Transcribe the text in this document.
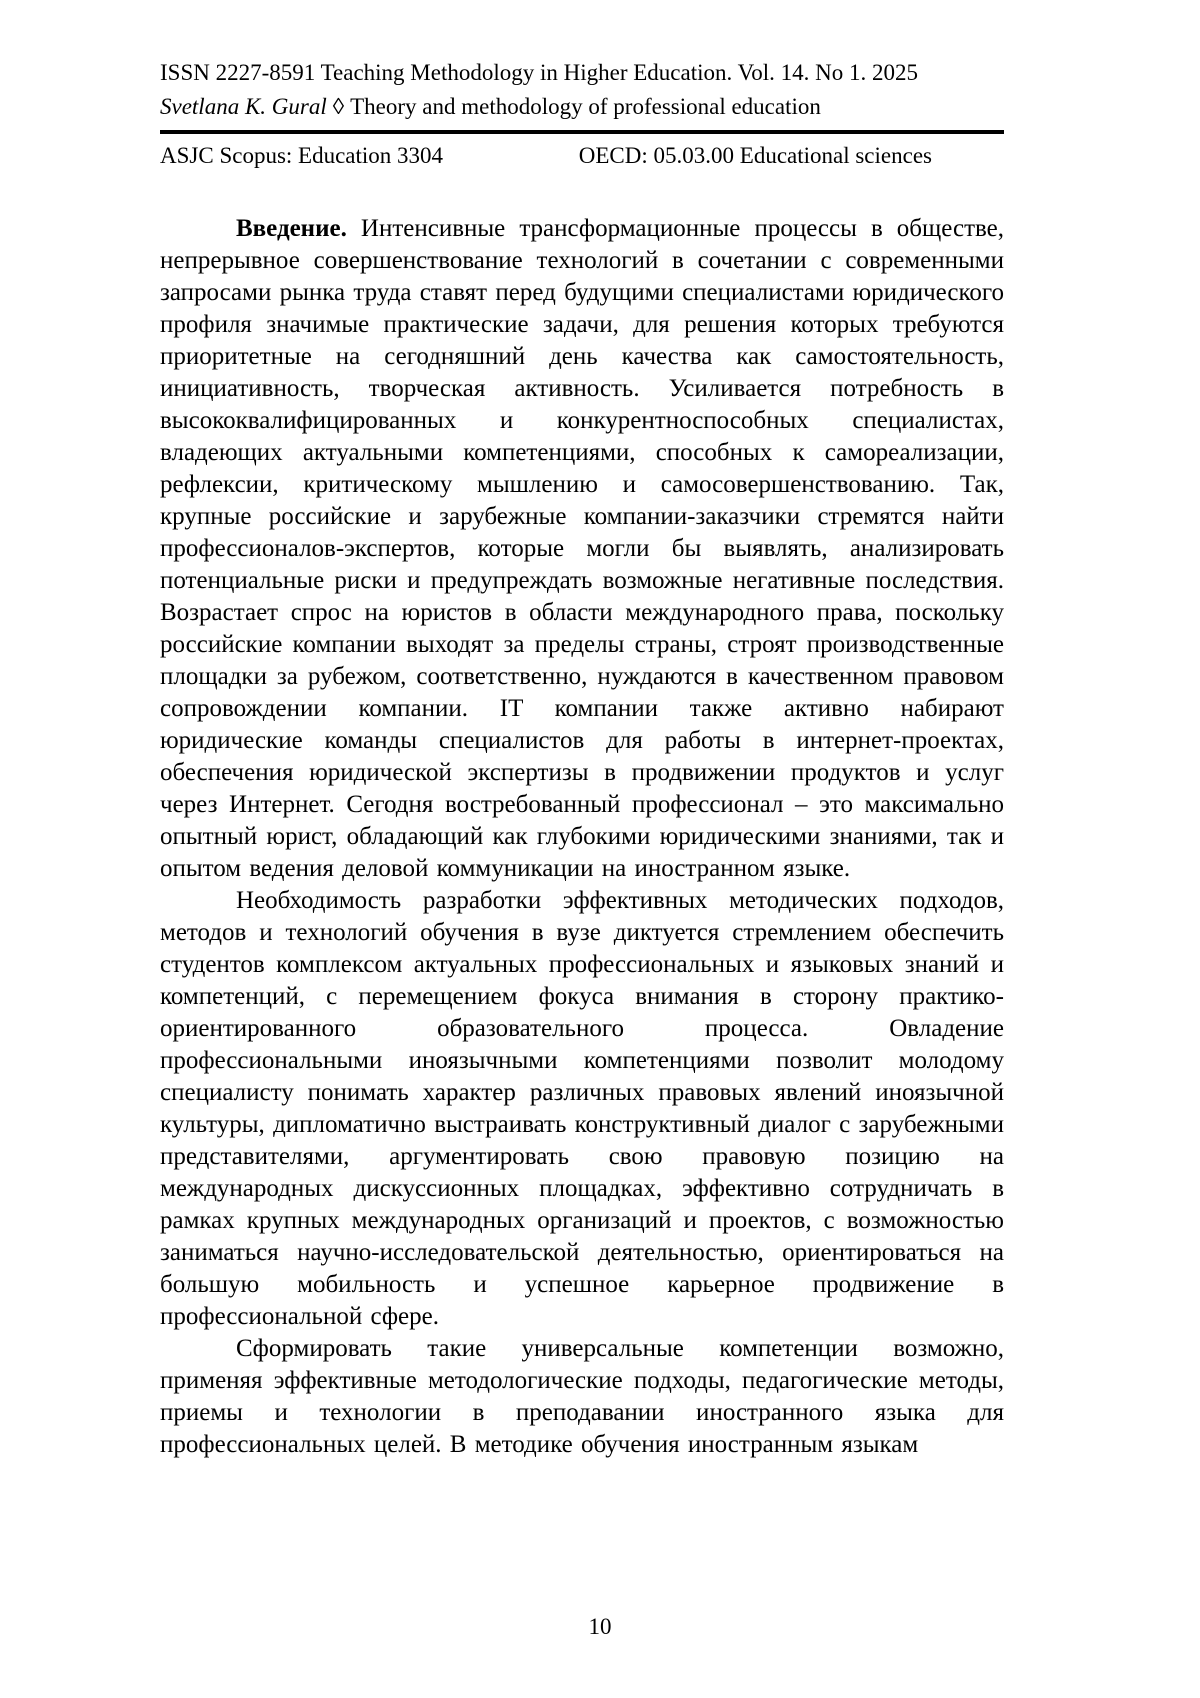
ISSN 2227-8591 Teaching Methodology in Higher Education. Vol. 14. No 1. 2025
Svetlana K. Gural ◊ Theory and methodology of professional education
ASJC Scopus: Education 3304	OECD: 05.03.00 Educational sciences

Введение. Интенсивные трансформационные процессы в обществе, непрерывное совершенствование технологий в сочетании с современными запросами рынка труда ставят перед будущими специалистами юридического профиля значимые практические задачи, для решения которых требуются приоритетные на сегодняшний день качества как самостоятельность, инициативность, творческая активность. Усиливается потребность в высококвалифицированных и конкурентноспособных специалистах, владеющих актуальными компетенциями, способных к самореализации, рефлексии, критическому мышлению и самосовершенствованию. Так, крупные российские и зарубежные компании-заказчики стремятся найти профессионалов-экспертов, которые могли бы выявлять, анализировать потенциальные риски и предупреждать возможные негативные последствия. Возрастает спрос на юристов в области международного права, поскольку российские компании выходят за пределы страны, строят производственные площадки за рубежом, соответственно, нуждаются в качественном правовом сопровождении компании. IT компании также активно набирают юридические команды специалистов для работы в интернет-проектах, обеспечения юридической экспертизы в продвижении продуктов и услуг через Интернет. Сегодня востребованный профессионал – это максимально опытный юрист, обладающий как глубокими юридическими знаниями, так и опытом ведения деловой коммуникации на иностранном языке.

Необходимость разработки эффективных методических подходов, методов и технологий обучения в вузе диктуется стремлением обеспечить студентов комплексом актуальных профессиональных и языковых знаний и компетенций, с перемещением фокуса внимания в сторону практико-ориентированного образовательного процесса. Овладение профессиональными иноязычными компетенциями позволит молодому специалисту понимать характер различных правовых явлений иноязычной культуры, дипломатично выстраивать конструктивный диалог с зарубежными представителями, аргументировать свою правовую позицию на международных дискуссионных площадках, эффективно сотрудничать в рамках крупных международных организаций и проектов, с возможностью заниматься научно-исследовательской деятельностью, ориентироваться на большую мобильность и успешное карьерное продвижение в профессиональной сфере.

Сформировать такие универсальные компетенции возможно, применяя эффективные методологические подходы, педагогические методы, приемы и технологии в преподавании иностранного языка для профессиональных целей. В методике обучения иностранным языкам

10
